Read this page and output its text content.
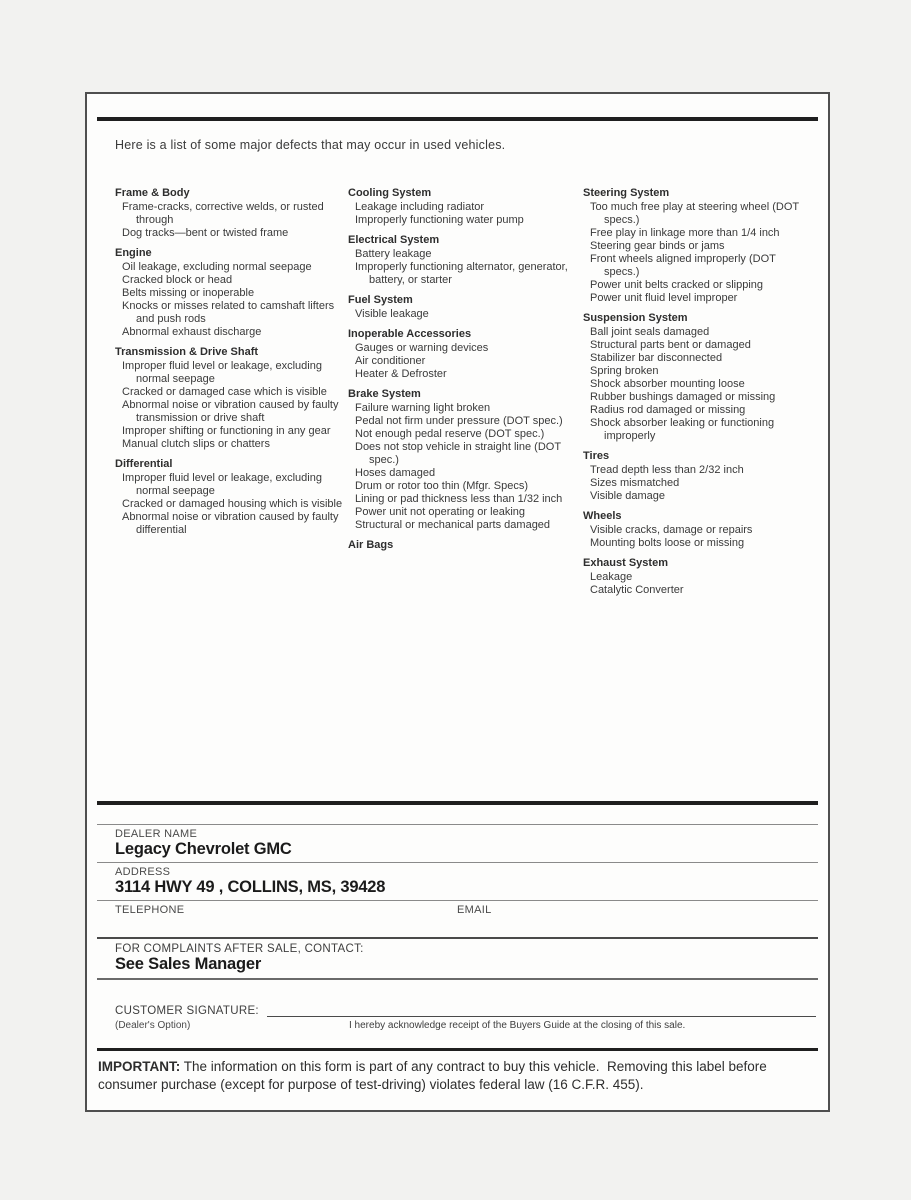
Here is a list of some major defects that may occur in used vehicles.
Frame & Body
Frame-cracks, corrective welds, or rusted through
Dog tracks—bent or twisted frame
Engine
Oil leakage, excluding normal seepage
Cracked block or head
Belts missing or inoperable
Knocks or misses related to camshaft lifters and push rods
Abnormal exhaust discharge
Transmission & Drive Shaft
Improper fluid level or leakage, excluding normal seepage
Cracked or damaged case which is visible
Abnormal noise or vibration caused by faulty transmission or drive shaft
Improper shifting or functioning in any gear
Manual clutch slips or chatters
Differential
Improper fluid level or leakage, excluding normal seepage
Cracked or damaged housing which is visible
Abnormal noise or vibration caused by faulty differential
Cooling System
Leakage including radiator
Improperly functioning water pump
Electrical System
Battery leakage
Improperly functioning alternator, generator, battery, or starter
Fuel System
Visible leakage
Inoperable Accessories
Gauges or warning devices
Air conditioner
Heater & Defroster
Brake System
Failure warning light broken
Pedal not firm under pressure (DOT spec.)
Not enough pedal reserve (DOT spec.)
Does not stop vehicle in straight line (DOT spec.)
Hoses damaged
Drum or rotor too thin (Mfgr. Specs)
Lining or pad thickness less than 1/32 inch
Power unit not operating or leaking
Structural or mechanical parts damaged
Air Bags
Steering System
Too much free play at steering wheel (DOT specs.)
Free play in linkage more than 1/4 inch
Steering gear binds or jams
Front wheels aligned improperly (DOT specs.)
Power unit belts cracked or slipping
Power unit fluid level improper
Suspension System
Ball joint seals damaged
Structural parts bent or damaged
Stabilizer bar disconnected
Spring broken
Shock absorber mounting loose
Rubber bushings damaged or missing
Radius rod damaged or missing
Shock absorber leaking or functioning improperly
Tires
Tread depth less than 2/32 inch
Sizes mismatched
Visible damage
Wheels
Visible cracks, damage or repairs
Mounting bolts loose or missing
Exhaust System
Leakage
Catalytic Converter
DEALER NAME
Legacy Chevrolet GMC
ADDRESS
3114 HWY 49 , COLLINS, MS, 39428
TELEPHONE	EMAIL
FOR COMPLAINTS AFTER SALE, CONTACT:
See Sales Manager
CUSTOMER SIGNATURE:
(Dealer's Option)	I hereby acknowledge receipt of the Buyers Guide at the closing of this sale.
IMPORTANT: The information on this form is part of any contract to buy this vehicle.  Removing this label before consumer purchase (except for purpose of test-driving) violates federal law (16 C.F.R. 455).
